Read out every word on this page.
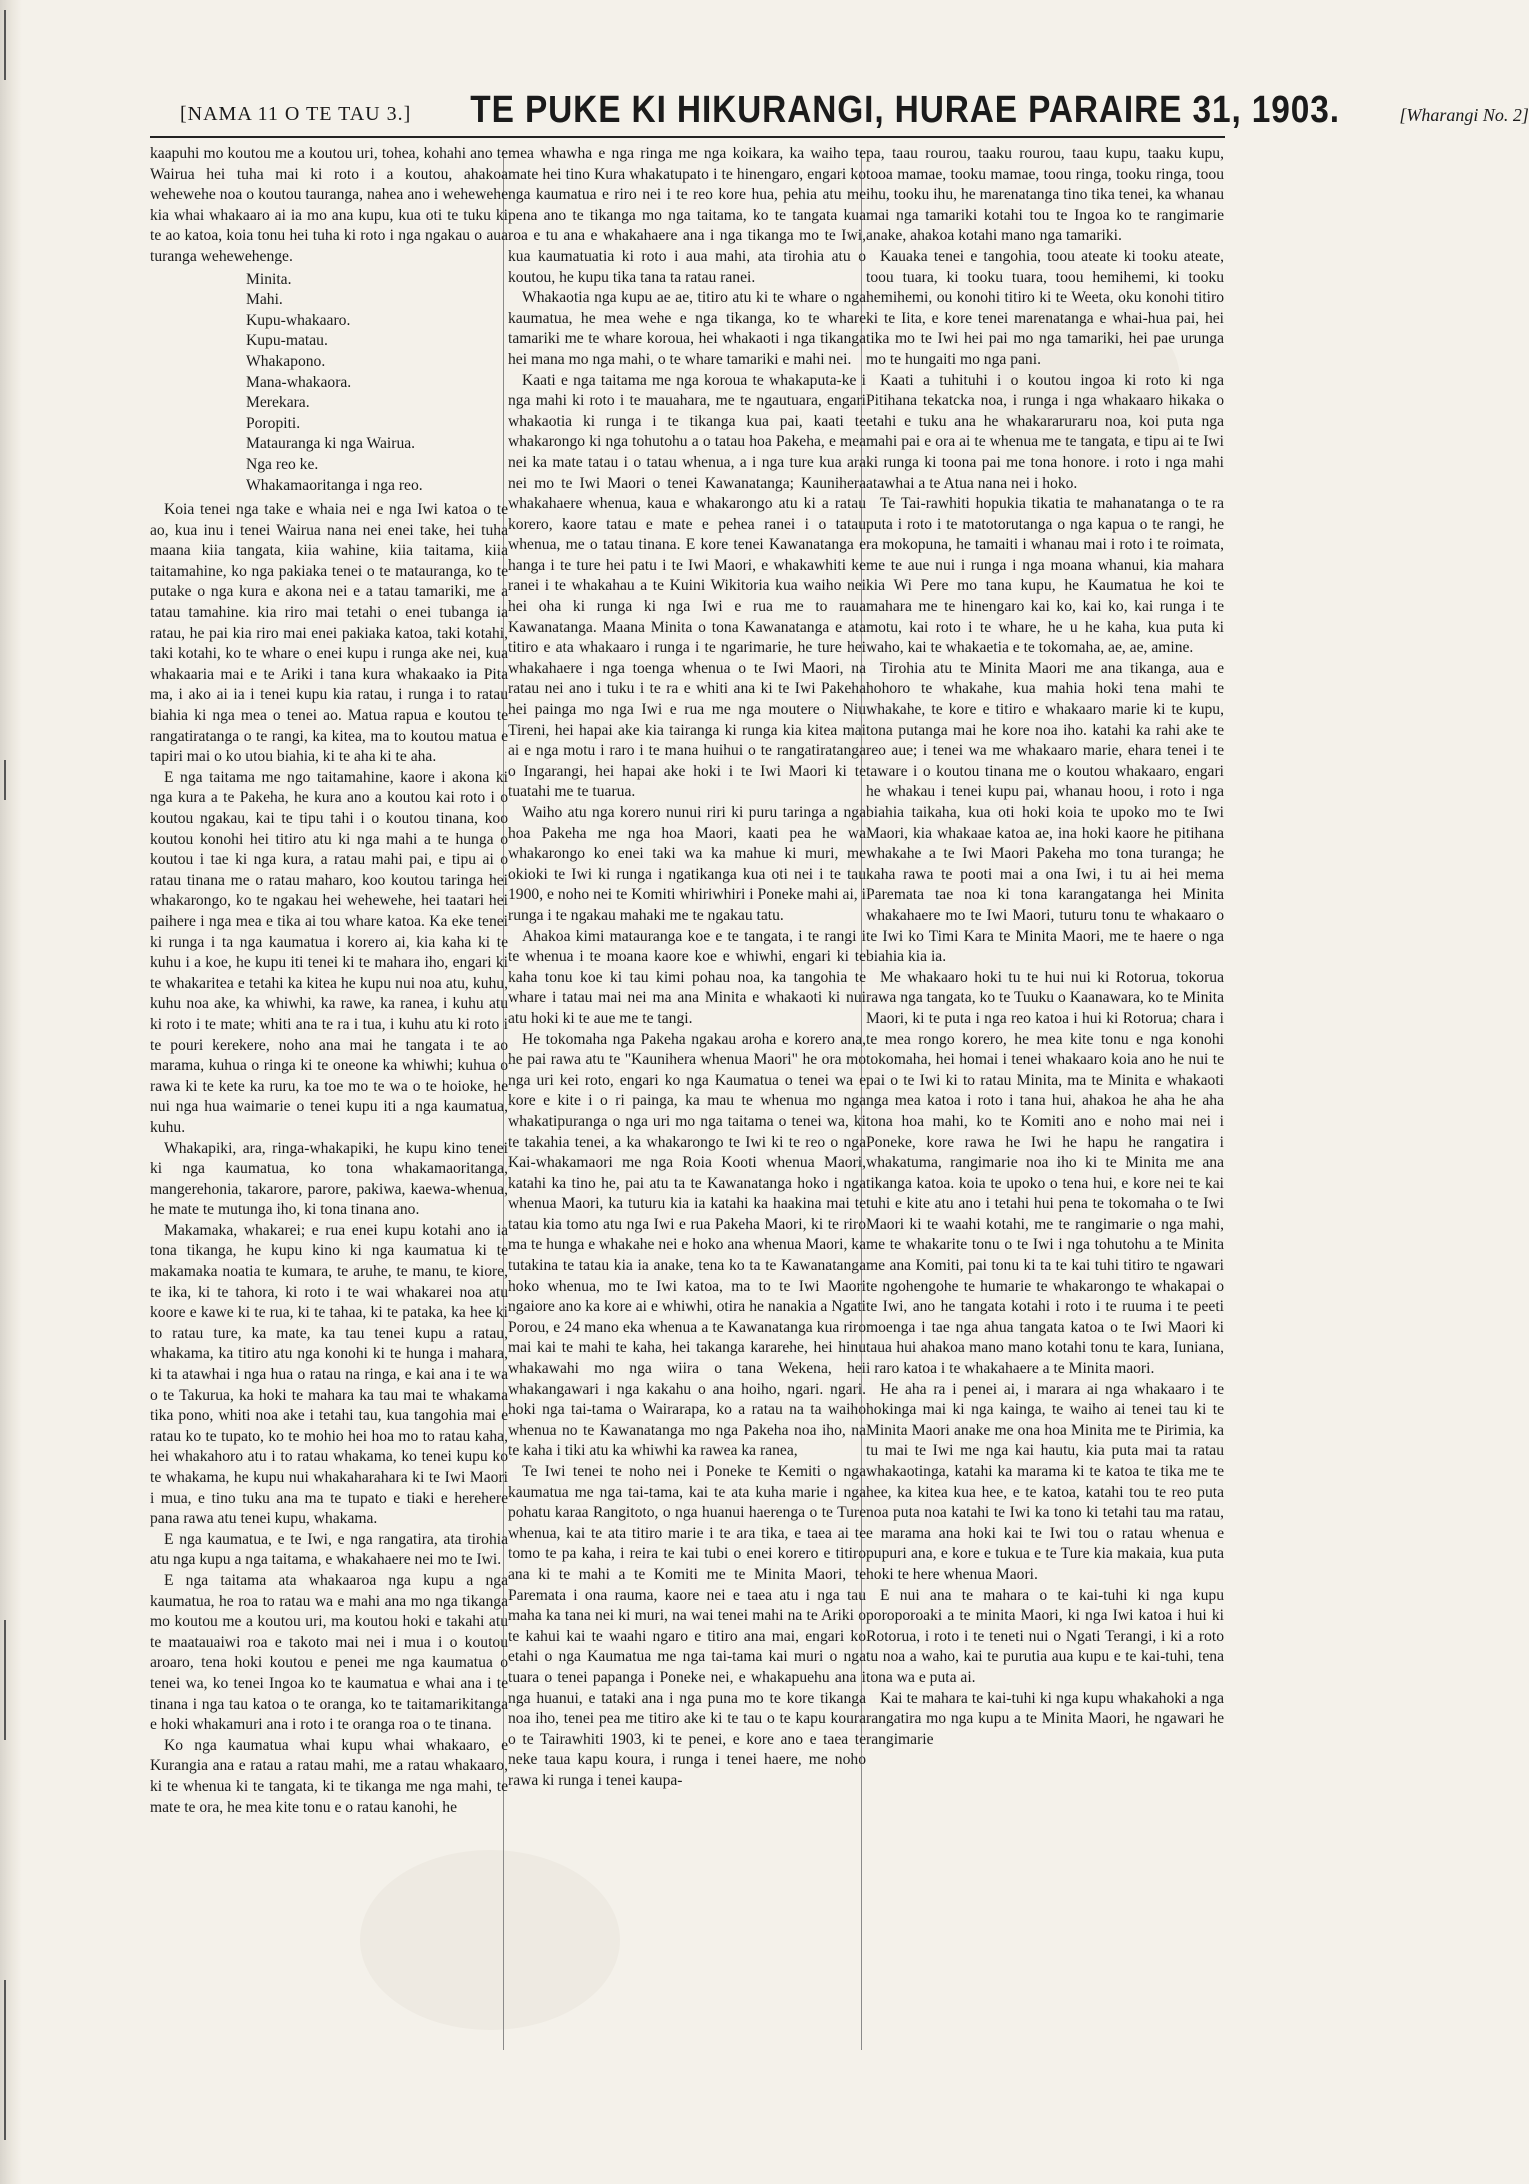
[NAMA 11 O TE TAU 3.] TE PUKE KI HIKURANGI, HURAE PARAIRE 31, 1903.	[Wharangi No. 2]

kaapuhi mo koutou me a koutou uri, tohea, kohahi ano te Wairua hei tuha mai ki roto i a koutou, ahakoa wehewehe noa o koutou tauranga, nahea ano i wehewehe kia whai whakaaro ai ia mo ana kupu, kua oti te tuku ki te ao katoa, koia tonu hei tuha ki roto i nga ngakau o aua turanga wehewehenge.

Minita.
Mahi.
Kupu-whakaaro.
Kupu-matau.
Whakapono.
Mana-whakaora.
Merekara.
Poropiti.
Matauranga ki nga Wairua.
Nga reo ke.
Whakamaoritanga i nga reo.

Koia tenei nga take e whaia nei e nga Iwi katoa o te ao, kua inu i tenei Wairua nana nei enei take, hei tuha maana kiia tangata, kiia wahine, kiia taitama, kiia taitamahine, ko nga pakiaka tenei o te matauranga, ko te putake o nga kura e akona nei e a tatau tamariki, me a tatau tamahine. kia riro mai tetahi o enei tubanga ia ratau, he pai kia riro mai enei pakiaka katoa, taki kotahi, taki kotahi, ko te whare o enei kupu i runga ake nei, kua whakaaria mai e te Ariki i tana kura whakaako ia Pita ma, i ako ai ia i tenei kupu kia ratau, i runga i to ratau biahia ki nga mea o tenei ao. Matua rapua e koutou te rangatiratanga o te rangi, ka kitea, ma to koutou matua e tapiri mai o ko utou biahia, ki te aha ki te aha.

E nga taitama me ngo taitamahine, kaore i akona ki nga kura a te Pakeha, he kura ano a koutou kai roto i o koutou ngakau, kai te tipu tahi i o koutou tinana, koo koutou konohi hei titiro atu ki nga mahi a te hunga o koutou i tae ki nga kura, a ratau mahi pai, e tipu ai o ratau tinana me o ratau maharo, koo koutou taringa hei whakarongo, ko te ngakau hei wehewehe, hei taatari hei paihere i nga mea e tika ai tou whare katoa. Ka eke tenei ki runga i ta nga kaumatua i korero ai, kia kaha ki te kuhu i a koe, he kupu iti tenei ki te mahara iho, engari ki te whakaritea e tetahi ka kitea he kupu nui noa atu, kuhu, kuhu noa ake, ka whiwhi, ka rawe, ka ranea, i kuhu atu ki roto i te mate; whiti ana te ra i tua, i kuhu atu ki roto i te pouri kerekere, noho ana mai he tangata i te ao marama, kuhua o ringa ki te oneone ka whiwhi; kuhua o rawa ki te kete ka ruru, ka toe mo te wa o te hoioke, he nui nga hua waimarie o tenei kupu iti a nga kaumatua, kuhu.

Whakapiki, ara, ringa-whakapiki, he kupu kino tenei ki nga kaumatua, ko tona whakamaoritanga, mangerehonia, takarore, parore, pakiwa, kaewa-whenua, he mate te mutunga iho, ki tona tinana ano.

Makamaka, whakarei; e rua enei kupu kotahi ano ia tona tikanga, he kupu kino ki nga kaumatua ki te makamaka noatia te kumara, te aruhe, te manu, te kiore, te ika, ki te tahora, ki roto i te wai whakarei noa atu koore e kawe ki te rua, ki te tahaa, ki te pataka, ka hee ki to ratau ture, ka mate, ka tau tenei kupu a ratau, whakama, ka titiro atu nga konohi ki te hunga i mahara, ki ta atawhai i nga hua o ratau na ringa, e kai ana i te wa o te Takurua, ka hoki te mahara ka tau mai te whakama tika pono, whiti noa ake i tetahi tau, kua tangohia mai e ratau ko te tupato, ko te mohio hei hoa mo to ratau kaha, hei whakahoro atu i to ratau whakama, ko tenei kupu ko te whakama, he kupu nui whakaharahara ki te Iwi Maori i mua, e tino tuku ana ma te tupato e tiaki e herehere pana rawa atu tenei kupu, whakama.

E nga kaumatua, e te Iwi, e nga rangatira, ata tirohia atu nga kupu a nga taitama, e whakahaere nei mo te Iwi.

E nga taitama ata whakaaroa nga kupu a nga kaumatua, he roa to ratau wa e mahi ana mo nga tikanga mo koutou me a koutou uri, ma koutou hoki e takahi atu te maatauaiwi roa e takoto mai nei i mua i o koutou aroaro, tena hoki koutou e penei me nga kaumatua o tenei wa, ko tenei Ingoa ko te kaumatua e whai ana i te tinana i nga tau katoa o te oranga, ko te taitamarikitanga e hoki whakamuri ana i roto i te oranga roa o te tinana.

Ko nga kaumatua whai kupu whai whakaaro, e Kurangia ana e ratau a ratau mahi, me a ratau whakaaro, ki te whenua ki te tangata, ki te tikanga me nga mahi, te mate te ora, he mea kite tonu e o ratau kanohi, he

mea whawha e nga ringa me nga koikara, ka waiho te mate hei tino Kura whakatupato i te hinengaro, engari ko nga kaumatua e riro nei i te reo kore hua, pehia atu me pena ano te tikanga mo nga taitama, ko te tangata kua roa e tu ana e whakahaere ana i nga tikanga mo te Iwi, kua kaumatuatia ki roto i aua mahi, ata tirohia atu o koutou, he kupu tika tana ta ratau ranei.

Whakaotia nga kupu ae ae, titiro atu ki te whare o nga kaumatua, he mea wehe e nga tikanga, ko te whare tamariki me te whare koroua, hei whakaoti i nga tikanga hei mana mo nga mahi, o te whare tamariki e mahi nei.

Kaati e nga taitama me nga koroua te whakaputa-ke i nga mahi ki roto i te mauahara, me te ngautuara, engari whakaotia ki runga i te tikanga kua pai, kaati te whakarongo ki nga tohutohu a o tatau hoa Pakeha, e mea nei ka mate tatau i o tatau whenua, a i nga ture kua ara nei mo te Iwi Maori o tenei Kawanatanga; Kaunihera whakahaere whenua, kaua e whakarongo atu ki a ratau korero, kaore tatau e mate e pehea ranei i o tatau whenua, me o tatau tinana. E kore tenei Kawanatanga e hanga i te ture hei patu i te Iwi Maori, e whakawhiti ke ranei i te whakahau a te Kuini Wikitoria kua waiho nei hei oha ki runga ki nga Iwi e rua me to raua Kawanatanga. Maana Minita o tona Kawanatanga e ata titiro e ata whakaaro i runga i te ngarimarie, he ture hei whakahaere i nga toenga whenua o te Iwi Maori, na ratau nei ano i tuku i te ra e whiti ana ki te Iwi Pakeha hei painga mo nga Iwi e rua me nga moutere o Niu Tireni, hei hapai ake kia tairanga ki runga kia kitea mai ai e nga motu i raro i te mana huihui o te rangatiratanga o Ingarangi, hei hapai ake hoki i te Iwi Maori ki te tuatahi me te tuarua.

Waiho atu nga korero nunui riri ki puru taringa a nga hoa Pakeha me nga hoa Maori, kaati pea he wa whakarongo ko enei taki wa ka mahue ki muri, me okioki te Iwi ki runga i ngatikanga kua oti nei i te tau 1900, e noho nei te Komiti whiriwhiri i Poneke mahi ai, i runga i te ngakau mahaki me te ngakau tatu.

Ahakoa kimi matauranga koe e te tangata, i te rangi i te whenua i te moana kaore koe e whiwhi, engari ki te kaha tonu koe ki tau kimi pohau noa, ka tangohia te whare i tatau mai nei ma ana Minita e whakaoti ki nui atu hoki ki te aue me te tangi.

He tokomaha nga Pakeha ngakau aroha e korero ana, he pai rawa atu te "Kaunihera whenua Maori" he ora mo nga uri kei roto, engari ko nga Kaumatua o tenei wa e kore e kite i o ri painga, ka mau te whenua mo nga whakatipuranga o nga uri mo nga taitama o tenei wa, ki te takahia tenei, a ka whakarongo te Iwi ki te reo o nga Kai-whakamaori me nga Roia Kooti whenua Maori, katahi ka tino he, pai atu ta te Kawanatanga hoko i nga whenua Maori, ka tuturu kia ia katahi ka haakina mai te tatau kia tomo atu nga Iwi e rua Pakeha Maori, ki te riro ma te hunga e whakahe nei e hoko ana whenua Maori, ka tutakina te tatau kia ia anake, tena ko ta te Kawanatanga hoko whenua, mo te Iwi katoa, ma to te Iwi Maori ngaiore ano ka kore ai e whiwhi, otira he nanakia a Ngati Porou, e 24 mano eka whenua a te Kawanatanga kua riro mai kai te mahi te kaha, hei takanga kararehe, hei hinu whakawahi mo nga wiira o tana Wekena, hei whakangawari i nga kakahu o ana hoiho, ngari. ngari. hoki nga tai-tama o Wairarapa, ko a ratau na ta waiho whenua no te Kawanatanga mo nga Pakeha noa iho, na te kaha i tiki atu ka whiwhi ka rawea ka ranea,

Te Iwi tenei te noho nei i Poneke te Kemiti o nga kaumatua me nga tai-tama, kai te ata kuha marie i nga pohatu karaa Rangitoto, o nga huanui haerenga o te Ture whenua, kai te ata titiro marie i te ara tika, e taea ai te tomo te pa kaha, i reira te kai tubi o enei korero e titiro ana ki te mahi a te Komiti me te Minita Maori, te Paremata i ona rauma, kaore nei e taea atu i nga tau maha ka tana nei ki muri, na wai tenei mahi na te Ariki o te kahui kai te waahi ngaro e titiro ana mai, engari ko etahi o nga Kaumatua me nga tai-tama kai muri o nga tuara o tenei papanga i Poneke nei, e whakapuehu ana i nga huanui, e tataki ana i nga puna mo te kore tikanga noa iho, tenei pea me titiro ake ki te tau o te kapu koura o te Tairawhiti 1903, ki te penei, e kore ano e taea te neke taua kapu koura, i runga i tenei haere, me noho rawa ki runga i tenei kaupa-

pa, taau rourou, taaku rourou, taau kupu, taaku kupu, tooa mamae, tooku mamae, toou ringa, tooku ringa, toou ihu, tooku ihu, he marenatanga tino tika tenei, ka whanau mai nga tamariki kotahi tou te Ingoa ko te rangimarie anake, ahakoa kotahi mano nga tamariki.

Kauaka tenei e tangohia, toou ateate ki tooku ateate, toou tuara, ki tooku tuara, toou hemihemi, ki tooku hemihemi, ou konohi titiro ki te Weeta, oku konohi titiro ki te Iita, e kore tenei marenatanga e whai-hua pai, hei tika mo te Iwi hei pai mo nga tamariki, hei pae urunga mo te hungaiti mo nga pani.

Kaati a tuhituhi i o koutou ingoa ki roto ki nga Pitihana tekatcka noa, i runga i nga whakaaro hikaka o etahi e tuku ana he whakararuraru noa, koi puta nga mahi pai e ora ai te whenua me te tangata, e tipu ai te Iwi ki runga ki toona pai me tona honore. i roto i nga mahi atawhai a te Atua nana nei i hoko.

Te Tai-rawhiti hopukia tikatia te mahanatanga o te ra puta i roto i te matotorutanga o nga kapua o te rangi, he ra mokopuna, he tamaiti i whanau mai i roto i te roimata, me te aue nui i runga i nga moana whanui, kia mahara kia Wi Pere mo tana kupu, he Kaumatua he koi te mahara me te hinengaro kai ko, kai ko, kai runga i te motu, kai roto i te whare, he u he kaha, kua puta ki waho, kai te whakaetia e te tokomaha, ae, ae, amine.

Tirohia atu te Minita Maori me ana tikanga, aua e hohoro te whakahe, kua mahia hoki tena mahi te whakahe, te kore e titiro e whakaaro marie ki te kupu, tona putanga mai he kore noa iho. katahi ka rahi ake te reo aue; i tenei wa me whakaaro marie, ehara tenei i te taware i o koutou tinana me o koutou whakaaro, engari he whakau i tenei kupu pai, whanau hoou, i roto i nga biahia taikaha, kua oti hoki koia te upoko mo te Iwi Maori, kia whakaae katoa ae, ina hoki kaore he pitihana whakahe a te Iwi Maori Pakeha mo tona turanga; he kaha rawa te pooti mai a ona Iwi, i tu ai hei mema Paremata tae noa ki tona karangatanga hei Minita whakahaere mo te Iwi Maori, tuturu tonu te whakaaro o te Iwi ko Timi Kara te Minita Maori, me te haere o nga biahia kia ia.

Me whakaaro hoki tu te hui nui ki Rotorua, tokorua rawa nga tangata, ko te Tuuku o Kaanawara, ko te Minita Maori, ki te puta i nga reo katoa i hui ki Rotorua; chara i te mea rongo korero, he mea kite tonu e nga konohi tokomaha, hei homai i tenei whakaaro koia ano he nui te pai o te Iwi ki to ratau Minita, ma te Minita e whakaoti nga mea katoa i roto i tana hui, ahakoa he aha he aha tona hoa mahi, ko te Komiti ano e noho mai nei i Poneke, kore rawa he Iwi he hapu he rangatira i whakatuma, rangimarie noa iho ki te Minita me ana tikanga katoa. koia te upoko o tena hui, e kore nei te kai tuhi e kite atu ano i tetahi hui pena te tokomaha o te Iwi Maori ki te waahi kotahi, me te rangimarie o nga mahi, me te whakarite tonu o te Iwi i nga tohutohu a te Minita me ana Komiti, pai tonu ki ta te kai tuhi titiro te ngawari te ngohengohe te humarie te whakarongo te whakapai o te Iwi, ano he tangata kotahi i roto i te ruuma i te peeti moenga i tae nga ahua tangata katoa o te Iwi Maori ki taua hui ahakoa mano mano kotahi tonu te kara, Iuniana, i raro katoa i te whakahaere a te Minita maori.

He aha ra i penei ai, i marara ai nga whakaaro i te hokinga mai ki nga kainga, te waiho ai tenei tau ki te Minita Maori anake me ona hoa Minita me te Pirimia, ka tu mai te Iwi me nga kai hautu, kia puta mai ta ratau whakaotinga, katahi ka marama ki te katoa te tika me te hee, ka kitea kua hee, e te katoa, katahi tou te reo puta noa puta noa katahi te Iwi ka tono ki tetahi tau ma ratau, e marama ana hoki kai te Iwi tou o ratau whenua e pupuri ana, e kore e tukua e te Ture kia makaia, kua puta hoki te here whenua Maori.

E nui ana te mahara o te kai-tuhi ki nga kupu poroporoaki a te minita Maori, ki nga Iwi katoa i hui ki Rotorua, i roto i te teneti nui o Ngati Terangi, i ki a roto tu noa a waho, kai te purutia aua kupu e te kai-tuhi, tena tona wa e puta ai.

Kai te mahara te kai-tuhi ki nga kupu whakahoki a nga rangatira mo nga kupu a te Minita Maori, he ngawari he rangimarie
